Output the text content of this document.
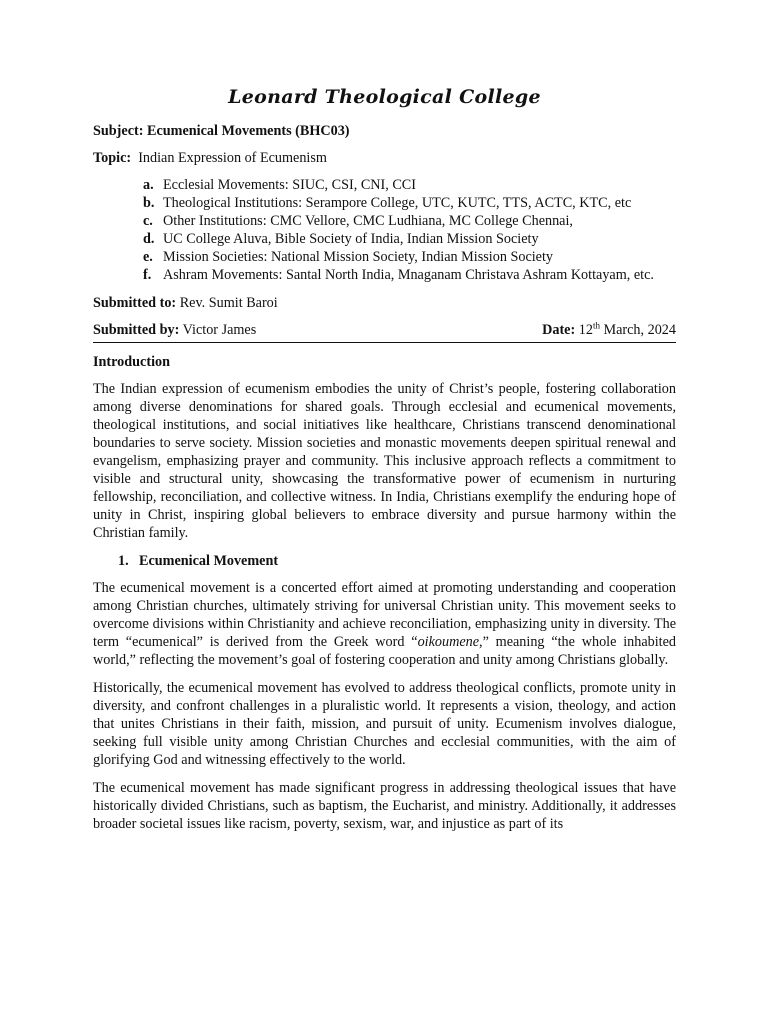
Leonard Theological College
Subject: Ecumenical Movements (BHC03)
Topic: Indian Expression of Ecumenism
a. Ecclesial Movements: SIUC, CSI, CNI, CCI
b. Theological Institutions: Serampore College, UTC, KUTC, TTS, ACTC, KTC, etc
c. Other Institutions: CMC Vellore, CMC Ludhiana, MC College Chennai,
d. UC College Aluva, Bible Society of India, Indian Mission Society
e. Mission Societies: National Mission Society, Indian Mission Society
f. Ashram Movements: Santal North India, Mnaganam Christava Ashram Kottayam, etc.
Submitted to: Rev. Sumit Baroi
Submitted by: Victor James	Date: 12th March, 2024
Introduction

The Indian expression of ecumenism embodies the unity of Christ’s people, fostering collaboration among diverse denominations for shared goals. Through ecclesial and ecumenical movements, theological institutions, and social initiatives like healthcare, Christians transcend denominational boundaries to serve society. Mission societies and monastic movements deepen spiritual renewal and evangelism, emphasizing prayer and community. This inclusive approach reflects a commitment to visible and structural unity, showcasing the transformative power of ecumenism in nurturing fellowship, reconciliation, and collective witness. In India, Christians exemplify the enduring hope of unity in Christ, inspiring global believers to embrace diversity and pursue harmony within the Christian family.

1. Ecumenical Movement

The ecumenical movement is a concerted effort aimed at promoting understanding and cooperation among Christian churches, ultimately striving for universal Christian unity. This movement seeks to overcome divisions within Christianity and achieve reconciliation, emphasizing unity in diversity. The term “ecumenical” is derived from the Greek word “oikoumene,” meaning “the whole inhabited world,” reflecting the movement’s goal of fostering cooperation and unity among Christians globally.

Historically, the ecumenical movement has evolved to address theological conflicts, promote unity in diversity, and confront challenges in a pluralistic world. It represents a vision, theology, and action that unites Christians in their faith, mission, and pursuit of unity. Ecumenism involves dialogue, seeking full visible unity among Christian Churches and ecclesial communities, with the aim of glorifying God and witnessing effectively to the world.

The ecumenical movement has made significant progress in addressing theological issues that have historically divided Christians, such as baptism, the Eucharist, and ministry. Additionally, it addresses broader societal issues like racism, poverty, sexism, war, and injustice as part of its
